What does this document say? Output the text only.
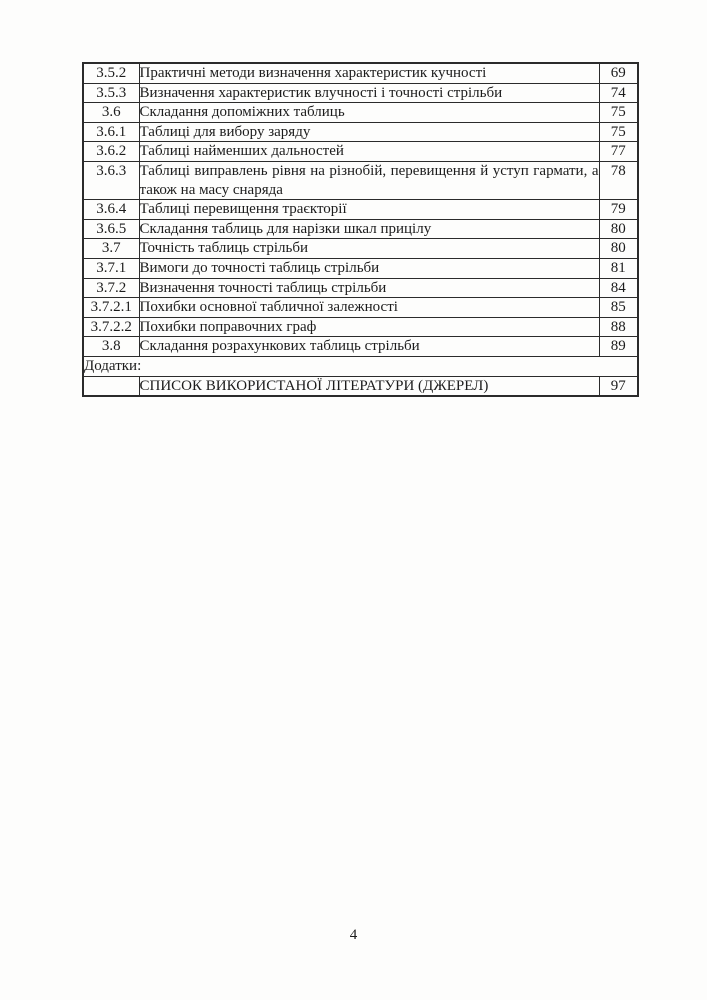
3.5.2	Практичні методи визначення характеристик кучності	69
3.5.3	Визначення характеристик влучності і точності стрільби	74
3.6	Складання допоміжних таблиць	75
3.6.1	Таблиці для вибору заряду	75
3.6.2	Таблиці найменших дальностей	77
3.6.3	Таблиці виправлень рівня на різнобій, перевищення й уступ гармати, а також на масу снаряда	78
3.6.4	Таблиці перевищення траєкторії	79
3.6.5	Складання таблиць для нарізки шкал прицілу	80
3.7	Точність таблиць стрільби	80
3.7.1	Вимоги до точності таблиць стрільби	81
3.7.2	Визначення точності таблиць стрільби	84
3.7.2.1	Похибки основної табличної залежності	85
3.7.2.2	Похибки поправочних граф	88
3.8	Складання розрахункових таблиць стрільби	89
Додатки:		
	СПИСОК ВИКОРИСТАНОЇ ЛІТЕРАТУРИ (ДЖЕРЕЛ)	97
4
